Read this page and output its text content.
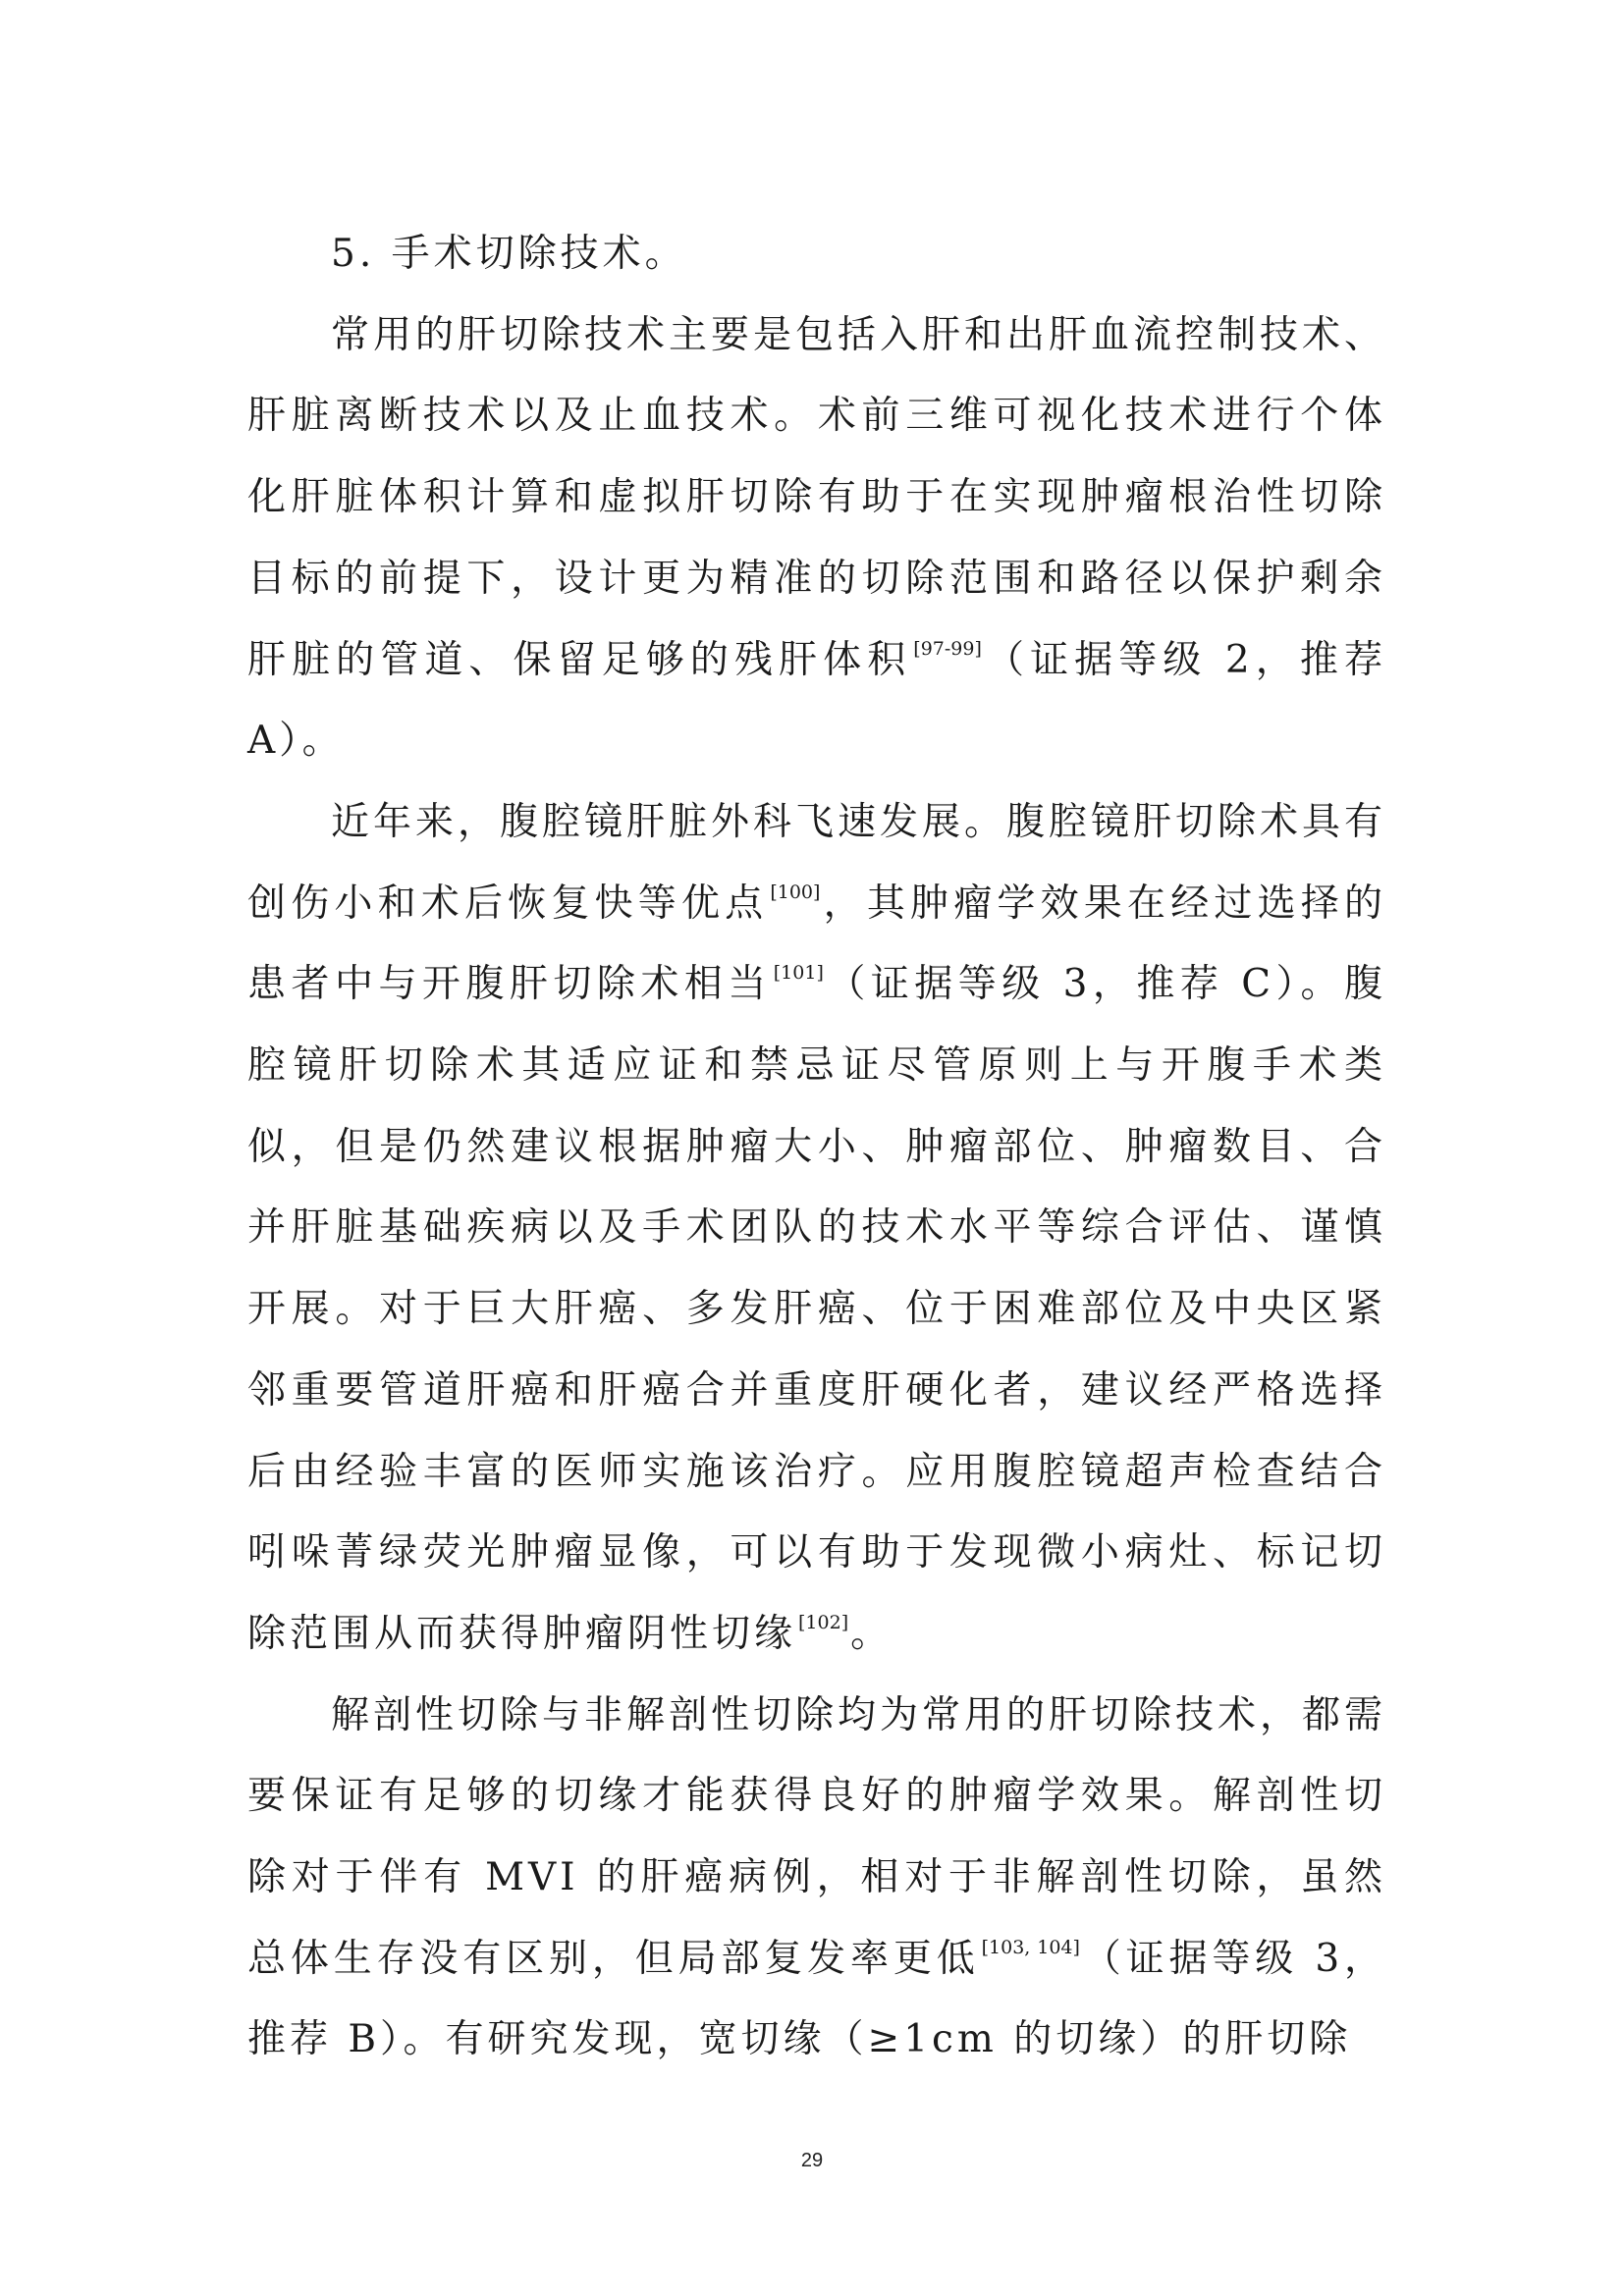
5. 手术切除技术。

常用的肝切除技术主要是包括入肝和出肝血流控制技术、肝脏离断技术以及止血技术。术前三维可视化技术进行个体化肝脏体积计算和虚拟肝切除有助于在实现肿瘤根治性切除目标的前提下，设计更为精准的切除范围和路径以保护剩余肝脏的管道、保留足够的残肝体积 [97-99]（证据等级 2，推荐 A）。

近年来，腹腔镜肝脏外科飞速发展。腹腔镜肝切除术具有创伤小和术后恢复快等优点 [100]，其肿瘤学效果在经过选择的患者中与开腹肝切除术相当 [101]（证据等级 3，推荐 C）。腹腔镜肝切除术其适应证和禁忌证尽管原则上与开腹手术类似，但是仍然建议根据肿瘤大小、肿瘤部位、肿瘤数目、合并肝脏基础疾病以及手术团队的技术水平等综合评估、谨慎开展。对于巨大肝癌、多发肝癌、位于困难部位及中央区紧邻重要管道肝癌和肝癌合并重度肝硬化者，建议经严格选择后由经验丰富的医师实施该治疗。应用腹腔镜超声检查结合吲哚菁绿荧光肿瘤显像，可以有助于发现微小病灶、标记切除范围从而获得肿瘤阴性切缘 [102]。

解剖性切除与非解剖性切除均为常用的肝切除技术，都需要保证有足够的切缘才能获得良好的肿瘤学效果。解剖性切除对于伴有 MVI 的肝癌病例，相对于非解剖性切除，虽然总体生存没有区别，但局部复发率更低 [103, 104]（证据等级 3，推荐 B）。有研究发现，宽切缘（≥1cm 的切缘）的肝切除

29
